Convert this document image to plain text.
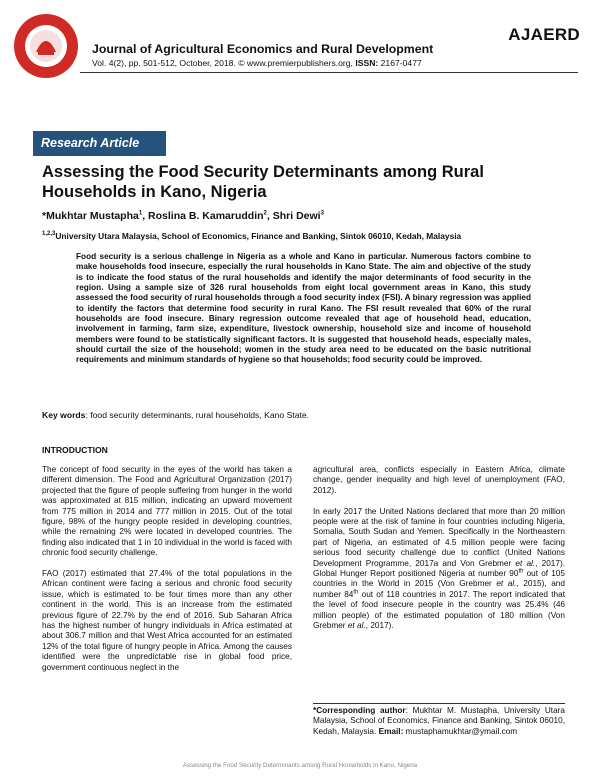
Journal of Agricultural Economics and Rural Development
Vol. 4(2), pp. 501-512, October, 2018. © www.premierpublishers.org, ISSN: 2167-0477
AJAERD
Research Article
Assessing the Food Security Determinants among Rural Households in Kano, Nigeria
*Mukhtar Mustapha$^1$, Roslina B. Kamaruddin$^2$, Shri Dewi$^3$
$^{1,2,3}$University Utara Malaysia, School of Economics, Finance and Banking, Sintok 06010, Kedah, Malaysia
Food security is a serious challenge in Nigeria as a whole and Kano in particular. Numerous factors combine to make households food insecure, especially the rural households in Kano State. The aim and objective of the study is to indicate the food status of the rural households and identify the major determinants of food security in the region. Using a sample size of 326 rural households from eight local government areas in Kano, this study assessed the food security of rural households through a food security index (FSI). A binary regression was applied to identify the factors that determine food security in rural Kano. The FSI result revealed that 60% of the rural households are food insecure. Binary regression outcome revealed that age of household head, education, involvement in farming, farm size, expenditure, livestock ownership, household size and income of household members were found to be statistically significant factors. It is suggested that household heads, especially males, should curtail the size of the household; women in the study area need to be educated on the basic nutritional requirements and minimum standards of hygiene so that households; food security could be improved.
Key words: food security determinants, rural households, Kano State.
INTRODUCTION

The concept of food security in the eyes of the world has taken a different dimension. The Food and Agricultural Organization (2017) projected that the figure of people suffering from hunger in the world was approximated at 815 million, indicating an upward movement from 775 million in 2014 and 777 million in 2015. Out of the total figure, 98% of the hungry people resided in developing countries, while the remaining 2% were located in developed countries. The finding also indicated that 1 in 10 individual in the world is faced with chronic food security challenge.

FAO (2017) estimated that 27.4% of the total populations in the African continent were facing a serious and chronic food security issue, which is estimated to be four times more than any other continent in the world. This is an increase from the estimated previous figure of 22.7% by the end of 2016. Sub Saharan Africa has the highest number of hungry individuals in Africa estimated at about 306.7 million and that West Africa accounted for an estimated 12% of the total figure of hungry people in Africa. Among the causes identified were the unpredictable rise in global food price, government continuous neglect in the

agricultural area, conflicts especially in Eastern Africa, climate change, gender inequality and high level of unemployment (FAO, 2012).

In early 2017 the United Nations declared that more than 20 million people were at the risk of famine in four countries including Nigeria, Somalia, South Sudan and Yemen. Specifically in the Northeastern part of Nigeria, an estimated of 4.5 million people were facing serious food security challenge due to conflict (United Nations Development Programme, 2017a and Von Grebmer et al., 2017). Global Hunger Report positioned Nigeria at number 90th out of 105 countries in the World in 2015 (Von Grebmer et al., 2015), and number 84th out of 118 countries in 2017. The report indicated that the level of food insecure people in the country was 25.4% (46 million people) of the estimated population of 180 million (Von Grebmer et al., 2017).

*Corresponding author: Mukhtar M. Mustapha, University Utara Malaysia, School of Economics, Finance and Banking, Sintok 06010, Kedah, Malaysia. Email: mustaphamukhtar@ymail.com
Assessing the Food Security Determinants among Rural Households in Kano, Nigeria
